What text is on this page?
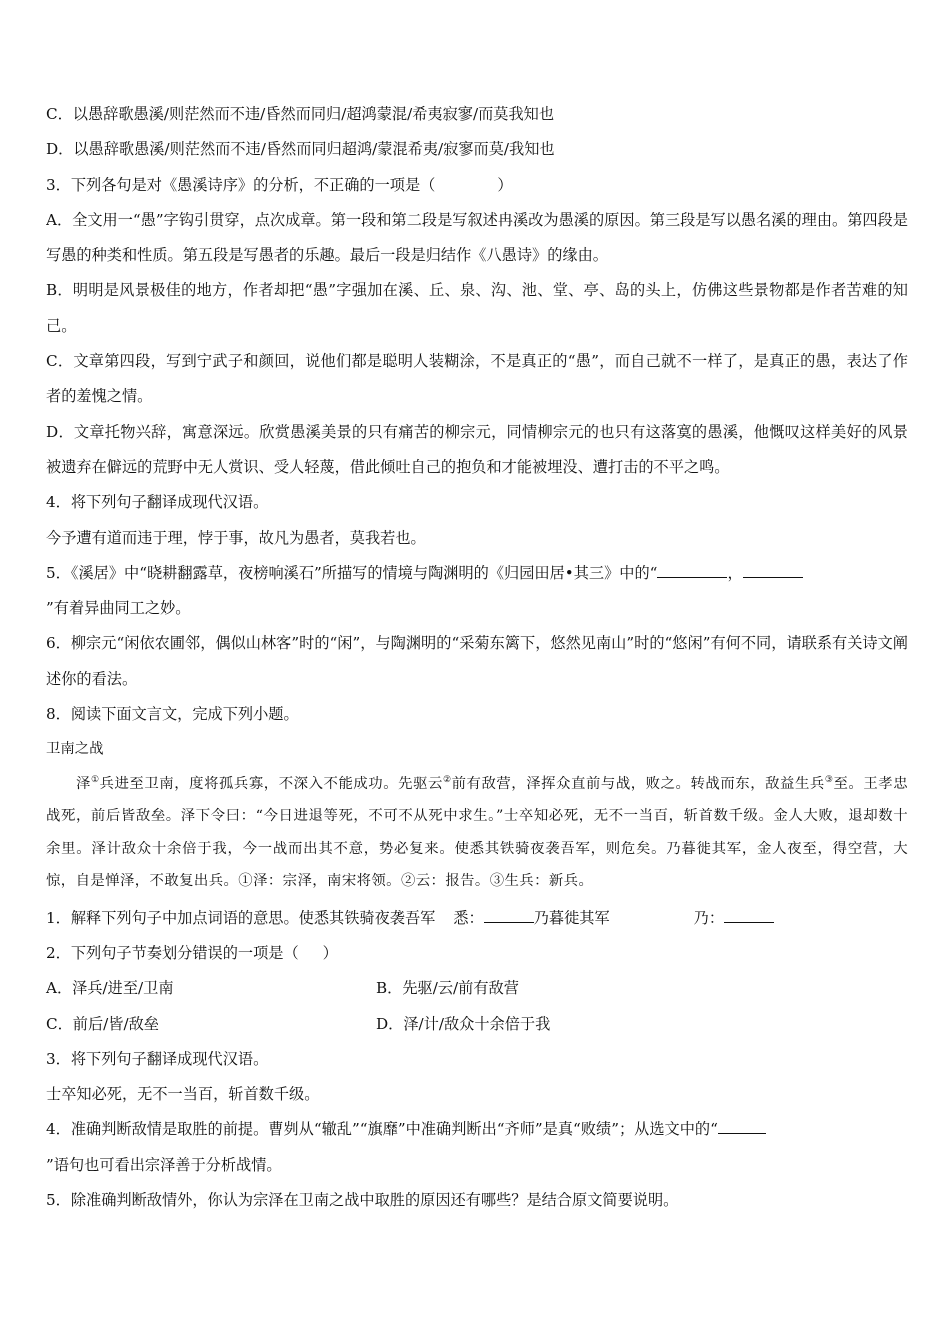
C．以愚辞歌愚溪/则茫然而不违/昏然而同归/超鸿蒙混/希夷寂寥/而莫我知也
D．以愚辞歌愚溪/则茫然而不违/昏然而同归超鸿/蒙混希夷/寂寥而莫/我知也
3．下列各句是对《愚溪诗序》的分析，不正确的一项是（	）
A．全文用一“愚”字钩引贯穿，点次成章。第一段和第二段是写叙述冉溪改为愚溪的原因。第三段是写以愚名溪的理由。第四段是写愚的种类和性质。第五段是写愚者的乐趣。最后一段是归结作《八愚诗》的缘由。
B．明明是风景极佳的地方，作者却把“愚”字强加在溪、丘、泉、沟、池、堂、亭、岛的头上，仿佛这些景物都是作者苦难的知己。
C．文章第四段，写到宁武子和颜回，说他们都是聪明人装糊涂，不是真正的“愚”，而自己就不一样了，是真正的愚，表达了作者的羞愧之情。
D．文章托物兴辞，寓意深远。欣赏愚溪美景的只有痛苦的柳宗元，同情柳宗元的也只有这落寞的愚溪，他慨叹这样美好的风景被遗弃在僻远的荒野中无人赏识、受人轻蔑，借此倾吐自己的抱负和才能被埋没、遭打击的不平之鸣。
4．将下列句子翻译成现代汉语。
今予遭有道而违于理，悖于事，故凡为愚者，莫我若也。
5．《溪居》中“晓耕翻露草，夜榜响溪石”所描写的情境与陶渊明的《归园田居•其三》中的“	，
”有着异曲同工之妙。
6．柳宗元“闲依农圃邻，偶似山林客”时的“闲”，与陶渊明的“采菊东篱下，悠然见南山”时的“悠闲”有何不同，请联系有关诗文阐述你的看法。
8．阅读下面文言文，完成下列小题。
卫南之战
泽①兵进至卫南，度将孤兵寡，不深入不能成功。先驱云②前有敌营，泽挥众直前与战，败之。转战而东，敌益生兵③至。王孝忠战死，前后皆敌垒。泽下令曰：“今日进退等死，不可不从死中求生。”士卒知必死，无不一当百，斩首数千级。金人大败，退却数十余里。泽计敌众十余倍于我，今一战而出其不意，势必复来。使悉其铁骑夜袭吾军，则危矣。乃暮徙其军，金人夜至，得空营，大惊，自是惮泽，不敢复出兵。①泽：宗泽，南宋将领。②云：报告。③生兵：新兵。
1．解释下列句子中加点词语的意思。使悉其铁骑夜袭吾军 悉：	乃暮徙其军	乃：
2．下列句子节奏划分错误的一项是（ ）
A．泽兵/进至/卫南	B．先驱/云/前有敌营
C．前后/皆/敌垒	D．泽/计/敌众十余倍于我
3．将下列句子翻译成现代汉语。
士卒知必死，无不一当百，斩首数千级。
4．准确判断敌情是取胜的前提。曹刿从“辙乱”“旗靡”中准确判断出“齐师”是真“败绩”；从选文中的“
”语句也可看出宗泽善于分析战情。
5．除准确判断敌情外，你认为宗泽在卫南之战中取胜的原因还有哪些？是结合原文简要说明。
